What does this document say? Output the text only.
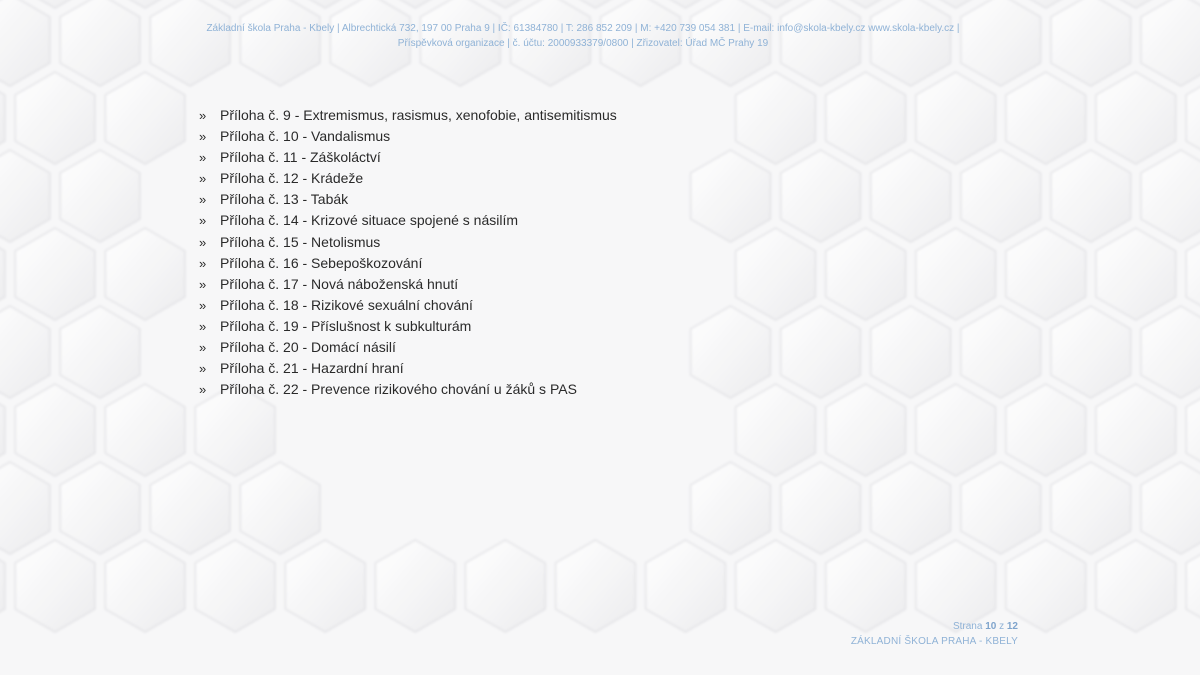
Základní škola Praha - Kbely | Albrechtická 732, 197 00 Praha 9 | IČ: 61384780 | T: 286 852 209 | M: +420 739 054 381 | E-mail: info@skola-kbely.cz www.skola-kbely.cz |
Příspěvková organizace | č. účtu: 2000933379/0800 | Zřizovatel: Úřad MČ Prahy 19
» Příloha č. 9 - Extremismus, rasismus, xenofobie, antisemitismus
» Příloha č. 10 - Vandalismus
» Příloha č. 11 - Záškoláctví
» Příloha č. 12 - Krádeže
» Příloha č. 13 - Tabák
» Příloha č. 14 - Krizové situace spojené s násilím
» Příloha č. 15 - Netolismus
» Příloha č. 16 - Sebepoškozování
» Příloha č. 17 - Nová náboženská hnutí
» Příloha č. 18 - Rizikové sexuální chování
» Příloha č. 19 - Příslušnost k subkulturám
» Příloha č. 20 - Domácí násilí
» Příloha č. 21 - Hazardní hraní
» Příloha č. 22 - Prevence rizikového chování u žáků s PAS
Strana 10 z 12
ZÁKLADNÍ ŠKOLA PRAHA - KBELY
